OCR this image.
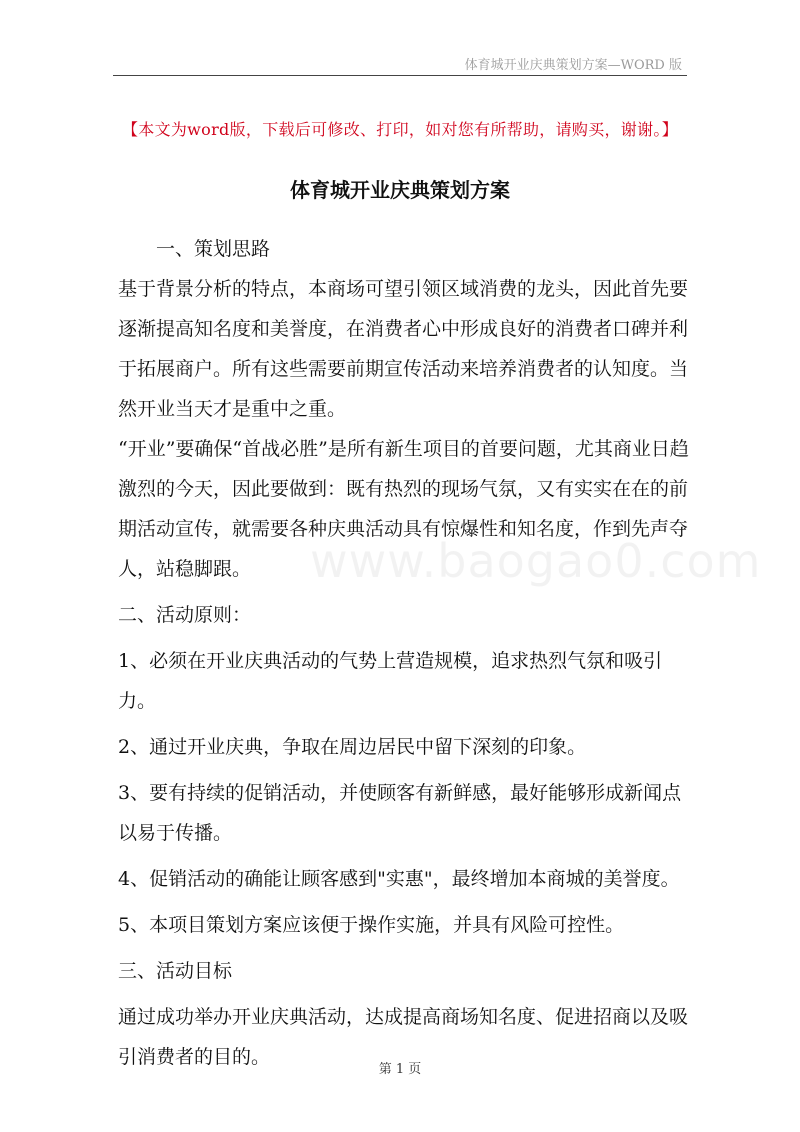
体育城开业庆典策划方案—WORD 版
【本文为word版，下载后可修改、打印，如对您有所帮助，请购买，谢谢。】
体育城开业庆典策划方案
www.baogao0.com

一、策划思路

基于背景分析的特点，本商场可望引领区域消费的龙头，因此首先要

逐渐提高知名度和美誉度，在消费者心中形成良好的消费者口碑并利

于拓展商户。所有这些需要前期宣传活动来培养消费者的认知度。当

然开业当天才是重中之重。

“开业”要确保“首战必胜”是所有新生项目的首要问题，尤其商业日趋

激烈的今天，因此要做到：既有热烈的现场气氛，又有实实在在的前

期活动宣传，就需要各种庆典活动具有惊爆性和知名度，作到先声夺

人，站稳脚跟。

二、活动原则：

1、必须在开业庆典活动的气势上营造规模，追求热烈气氛和吸引力。

2、通过开业庆典，争取在周边居民中留下深刻的印象。

3、要有持续的促销活动，并使顾客有新鲜感，最好能够形成新闻点

以易于传播。

4、促销活动的确能让顾客感到"实惠"，最终增加本商城的美誉度。

5、本项目策划方案应该便于操作实施，并具有风险可控性。

三、活动目标

通过成功举办开业庆典活动，达成提高商场知名度、促进招商以及吸

引消费者的目的。

第 1 页
